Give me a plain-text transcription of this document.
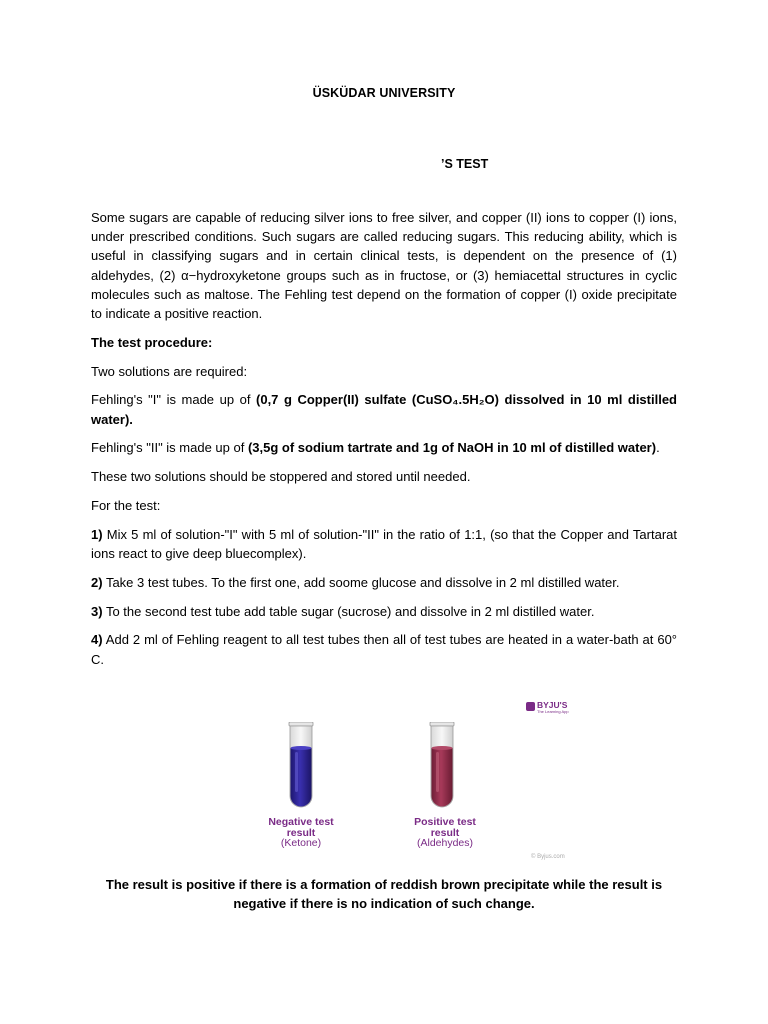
ÜSKÜDAR UNIVERSITY
’S TEST

Some sugars are capable of reducing silver ions to free silver, and copper (II) ions to copper (I) ions, under prescribed conditions. Such sugars are called reducing sugars. This reducing ability, which is useful in classifying sugars and in certain clinical tests, is dependent on the presence of (1) aldehydes, (2) α−hydroxyketone groups such as in fructose, or (3) hemiacettal structures in cyclic molecules such as maltose. The Fehling test depend on the formation of copper (I) oxide precipitate to indicate a positive reaction.

The test procedure:

Two solutions are required:

Fehling's "I" is made up of (0,7 g Copper(II) sulfate (CuSO₄.5H₂O) dissolved in 10 ml distilled water).

Fehling's "II" is made up of (3,5g of sodium tartrate and 1g of NaOH in 10 ml of distilled water).

These two solutions should be stoppered and stored until needed.

For the test:

1) Mix 5 ml of solution-"I" with 5 ml of solution-"II" in the ratio of 1:1, (so that the Copper and Tartarat ions react to give deep bluecomplex).

2) Take 3 test tubes. To the first one, add soome glucose and dissolve in 2 ml distilled water.

3) To the second test tube add table sugar (sucrose) and dissolve in 2 ml distilled water.

4) Add 2 ml of Fehling reagent to all test tubes then all of test tubes are heated in a water-bath at 60° C.

Negative test
result
(Ketone)
Positive test
result
(Aldehydes)
BYJU'S
The Learning App
© Byjus.com
The result is positive if there is a formation of reddish brown precipitate while the result is negative if there is no indication of such change.
